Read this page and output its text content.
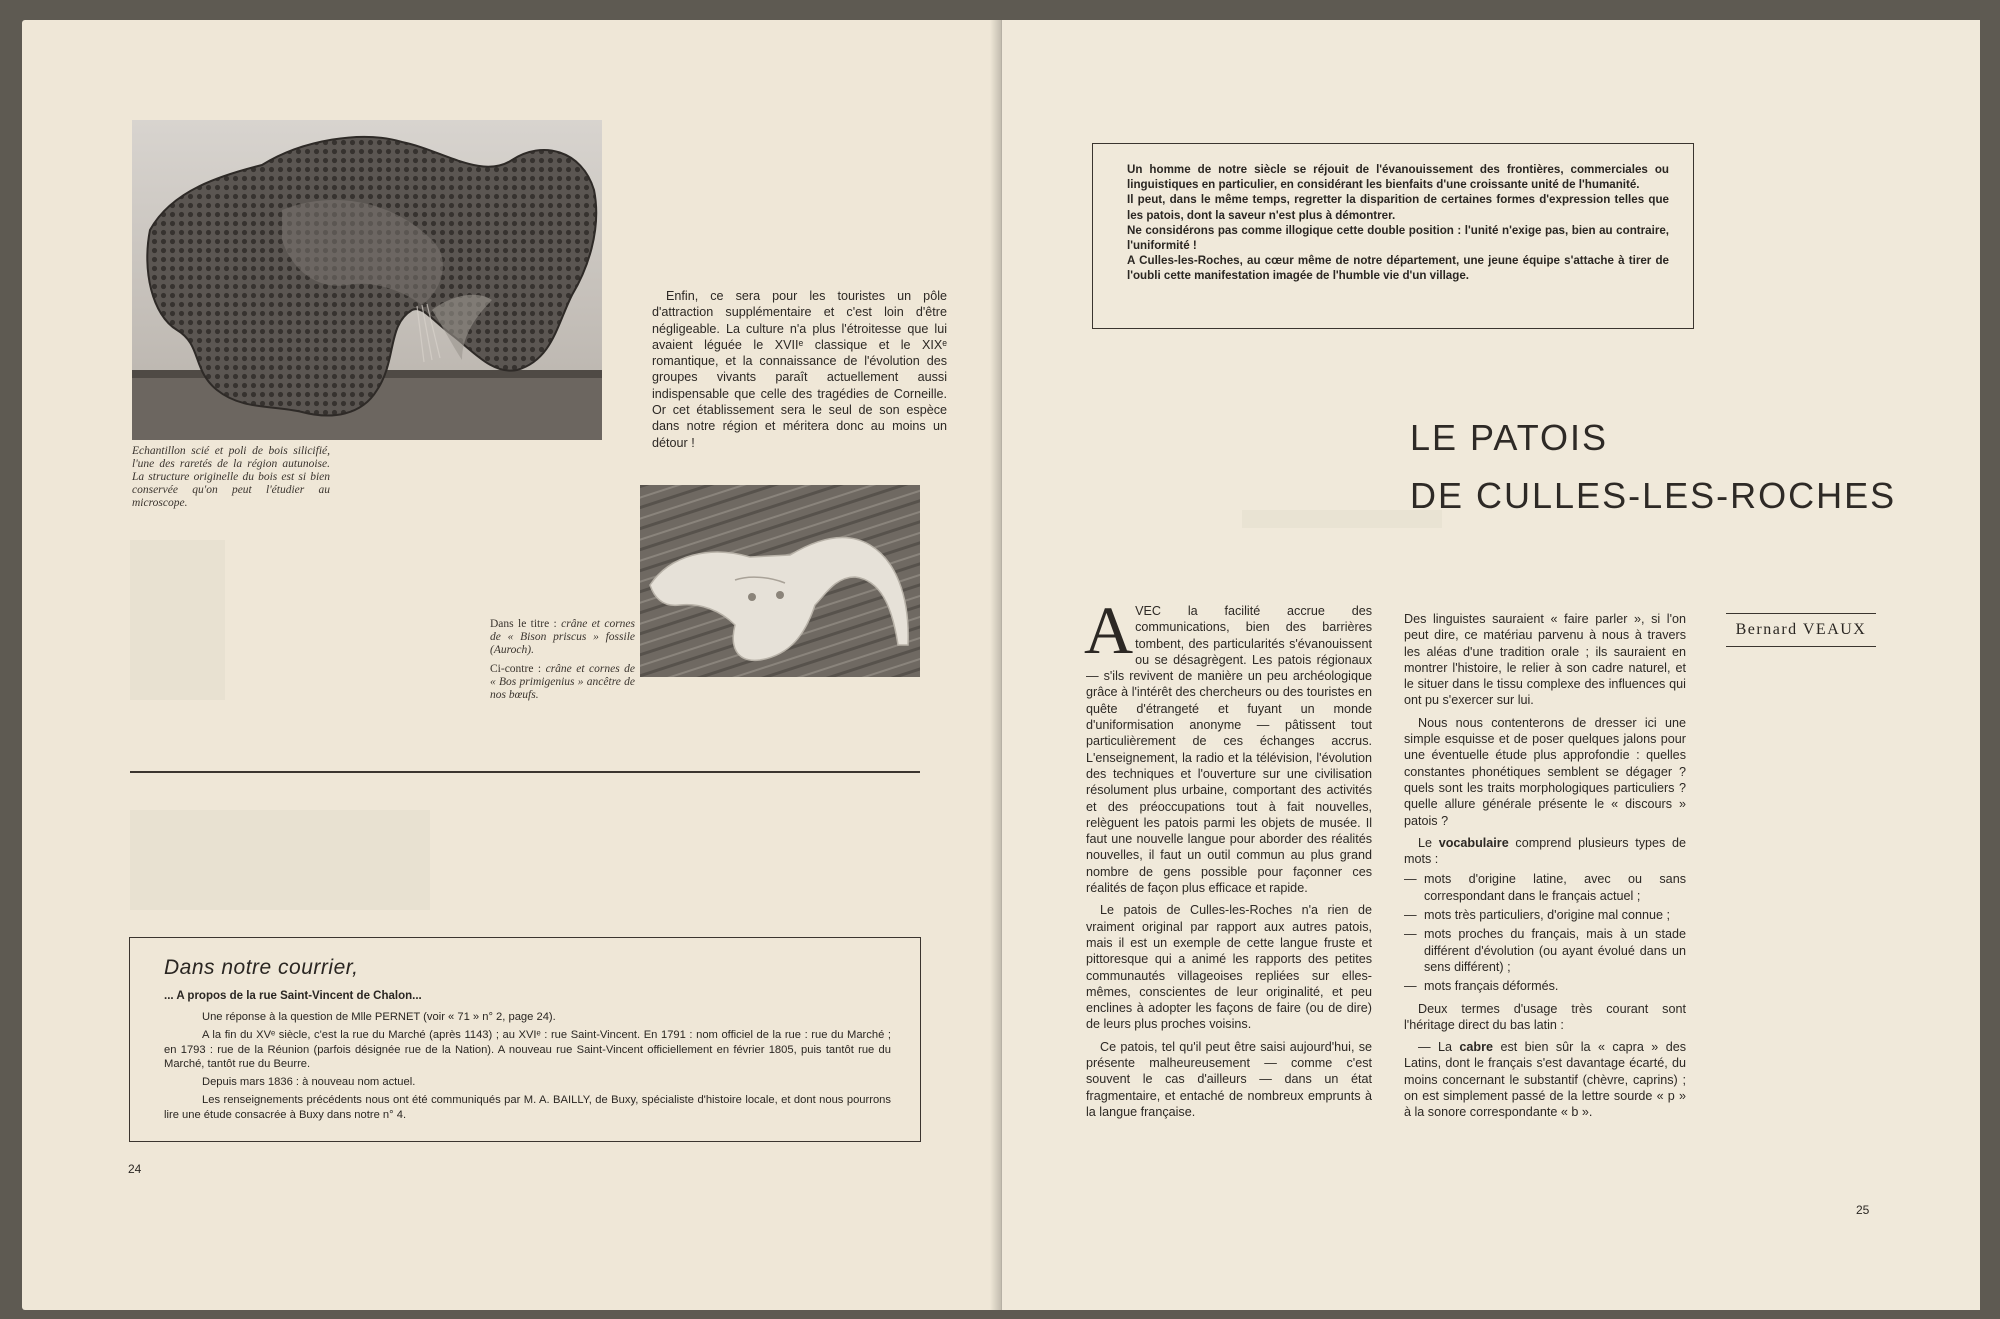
Echantillon scié et poli de bois silicifié, l'une des raretés de la région autunoise. La structure originelle du bois est si bien conservée qu'on peut l'étudier au microscope.

Enfin, ce sera pour les touristes un pôle d'attraction supplémentaire et c'est loin d'être négligeable. La culture n'a plus l'étroitesse que lui avaient léguée le XVIIᵉ classique et le XIXᵉ romantique, et la connaissance de l'évolution des groupes vivants paraît actuellement aussi indispensable que celle des tragédies de Corneille. Or cet établissement sera le seul de son espèce dans notre région et méritera donc au moins un détour !

Dans le titre : crâne et cornes de « Bison priscus » fossile (Auroch).
Ci-contre : crâne et cornes de « Bos primigenius » ancêtre de nos bœufs.
Dans notre courrier,
... A propos de la rue Saint-Vincent de Chalon...
Une réponse à la question de Mlle PERNET (voir « 71 » n° 2, page 24).
A la fin du XVᵉ siècle, c'est la rue du Marché (après 1143) ; au XVIᵉ : rue Saint-Vincent. En 1791 : nom officiel de la rue : rue du Marché ; en 1793 : rue de la Réunion (parfois désignée rue de la Nation). A nouveau rue Saint-Vincent officiellement en février 1805, puis tantôt rue du Marché, tantôt rue du Beurre.
Depuis mars 1836 : à nouveau nom actuel.
Les renseignements précédents nous ont été communiqués par M. A. BAILLY, de Buxy, spécialiste d'histoire locale, et dont nous pourrons lire une étude consacrée à Buxy dans notre n° 4.
24
Un homme de notre siècle se réjouit de l'évanouissement des frontières, commerciales ou linguistiques en particulier, en considérant les bienfaits d'une croissante unité de l'humanité.
Il peut, dans le même temps, regretter la disparition de certaines formes d'expression telles que les patois, dont la saveur n'est plus à démontrer.
Ne considérons pas comme illogique cette double position : l'unité n'exige pas, bien au contraire, l'uniformité !
A Culles-les-Roches, au cœur même de notre département, une jeune équipe s'attache à tirer de l'oubli cette manifestation imagée de l'humble vie d'un village.
LE PATOIS
DE CULLES-LES-ROCHES
Bernard VEAUX

AVEC la facilité accrue des communications, bien des barrières tombent, des particularités s'évanouissent ou se désagrègent. Les patois régionaux — s'ils revivent de manière un peu archéologique grâce à l'intérêt des chercheurs ou des touristes en quête d'étrangeté et fuyant un monde d'uniformisation anonyme — pâtissent tout particulièrement de ces échanges accrus. L'enseignement, la radio et la télévision, l'évolution des techniques et l'ouverture sur une civilisation résolument plus urbaine, comportant des activités et des préoccupations tout à fait nouvelles, relèguent les patois parmi les objets de musée. Il faut une nouvelle langue pour aborder des réalités nouvelles, il faut un outil commun au plus grand nombre de gens possible pour façonner ces réalités de façon plus efficace et rapide.

Le patois de Culles-les-Roches n'a rien de vraiment original par rapport aux autres patois, mais il est un exemple de cette langue fruste et pittoresque qui a animé les rapports des petites communautés villageoises repliées sur elles-mêmes, conscientes de leur originalité, et peu enclines à adopter les façons de faire (ou de dire) de leurs plus proches voisins.

Ce patois, tel qu'il peut être saisi aujourd'hui, se présente malheureusement — comme c'est souvent le cas d'ailleurs — dans un état fragmentaire, et entaché de nombreux emprunts à la langue française.

Des linguistes sauraient « faire parler », si l'on peut dire, ce matériau parvenu à nous à travers les aléas d'une tradition orale ; ils sauraient en montrer l'histoire, le relier à son cadre naturel, et le situer dans le tissu complexe des influences qui ont pu s'exercer sur lui.

Nous nous contenterons de dresser ici une simple esquisse et de poser quelques jalons pour une éventuelle étude plus approfondie : quelles constantes phonétiques semblent se dégager ? quels sont les traits morphologiques particuliers ? quelle allure générale présente le « discours » patois ?

Le vocabulaire comprend plusieurs types de mots :

— mots d'origine latine, avec ou sans correspondant dans le français actuel ;
— mots très particuliers, d'origine mal connue ;
— mots proches du français, mais à un stade différent d'évolution (ou ayant évolué dans un sens différent) ;
— mots français déformés.

Deux termes d'usage très courant sont l'héritage direct du bas latin :

— La cabre est bien sûr la « capra » des Latins, dont le français s'est davantage écarté, du moins concernant le substantif (chèvre, caprins) ; on est simplement passé de la lettre sourde « p » à la sonore correspondante « b ».

25
